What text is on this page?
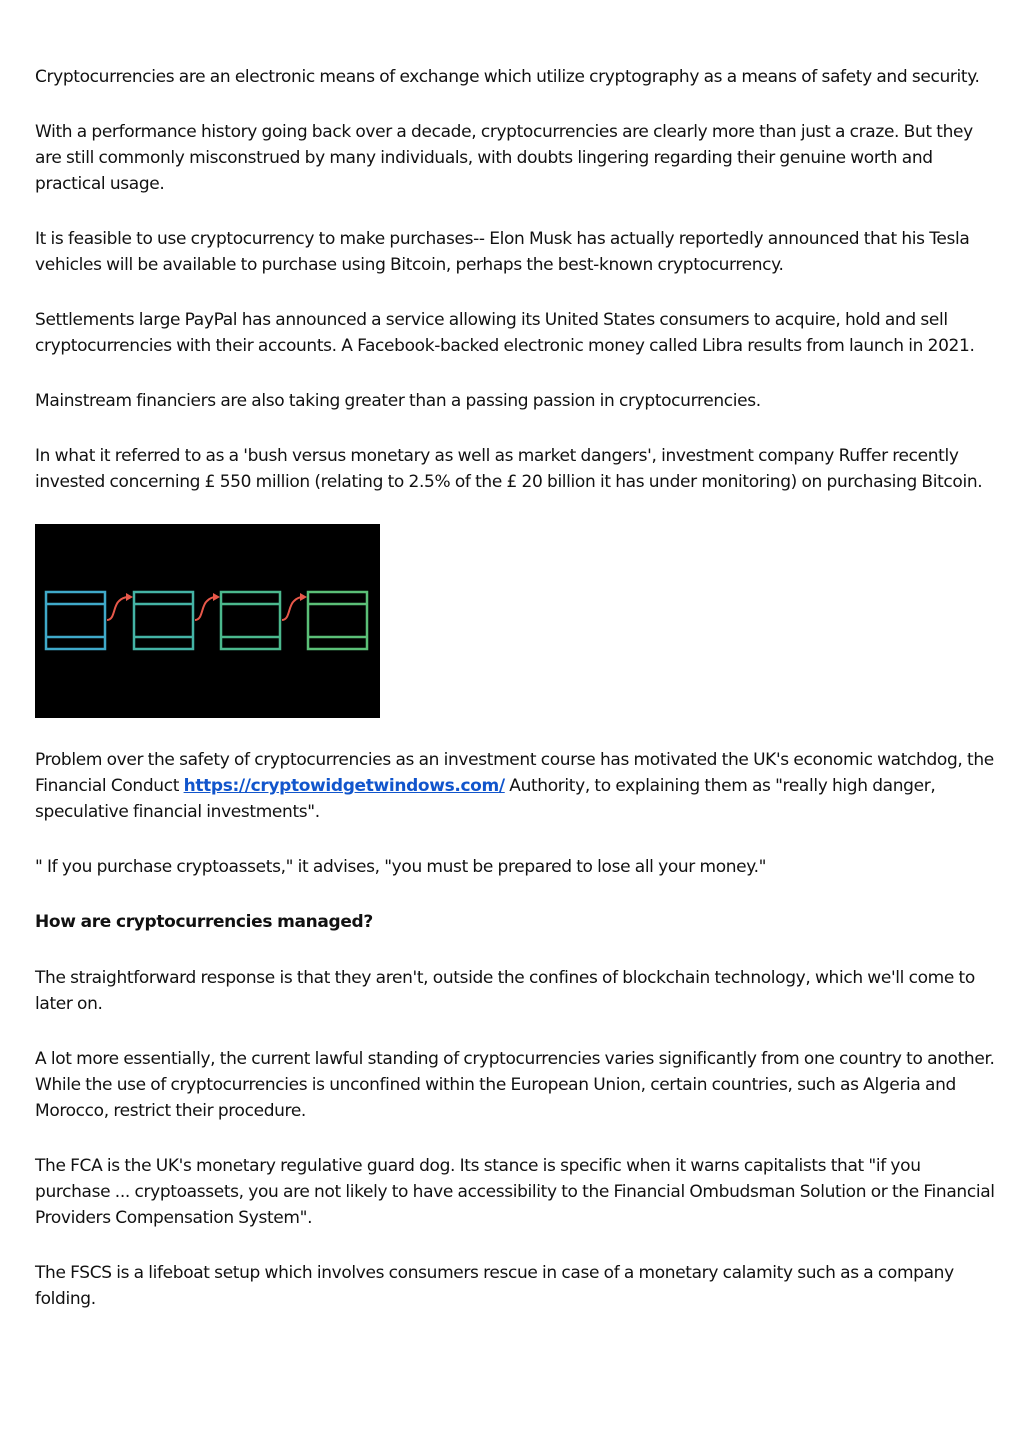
Cryptocurrencies are an electronic means of exchange which utilize cryptography as a means of safety and security.

With a performance history going back over a decade, cryptocurrencies are clearly more than just a craze. But they are still commonly misconstrued by many individuals, with doubts lingering regarding their genuine worth and practical usage.

It is feasible to use cryptocurrency to make purchases-- Elon Musk has actually reportedly announced that his Tesla vehicles will be available to purchase using Bitcoin, perhaps the best-known cryptocurrency.

Settlements large PayPal has announced a service allowing its United States consumers to acquire, hold and sell cryptocurrencies with their accounts. A Facebook-backed electronic money called Libra results from launch in 2021.

Mainstream financiers are also taking greater than a passing passion in cryptocurrencies.

In what it referred to as a 'bush versus monetary as well as market dangers', investment company Ruffer recently invested concerning £ 550 million (relating to 2.5% of the £ 20 billion it has under monitoring) on purchasing Bitcoin.

Problem over the safety of cryptocurrencies as an investment course has motivated the UK's economic watchdog, the Financial Conduct https://cryptowidgetwindows.com/ Authority, to explaining them as "really high danger, speculative financial investments".

" If you purchase cryptoassets," it advises, "you must be prepared to lose all your money."

How are cryptocurrencies managed?

The straightforward response is that they aren't, outside the confines of blockchain technology, which we'll come to later on.

A lot more essentially, the current lawful standing of cryptocurrencies varies significantly from one country to another. While the use of cryptocurrencies is unconfined within the European Union, certain countries, such as Algeria and Morocco, restrict their procedure.

The FCA is the UK's monetary regulative guard dog. Its stance is specific when it warns capitalists that "if you purchase ... cryptoassets, you are not likely to have accessibility to the Financial Ombudsman Solution or the Financial Providers Compensation System".

The FSCS is a lifeboat setup which involves consumers rescue in case of a monetary calamity such as a company folding.
